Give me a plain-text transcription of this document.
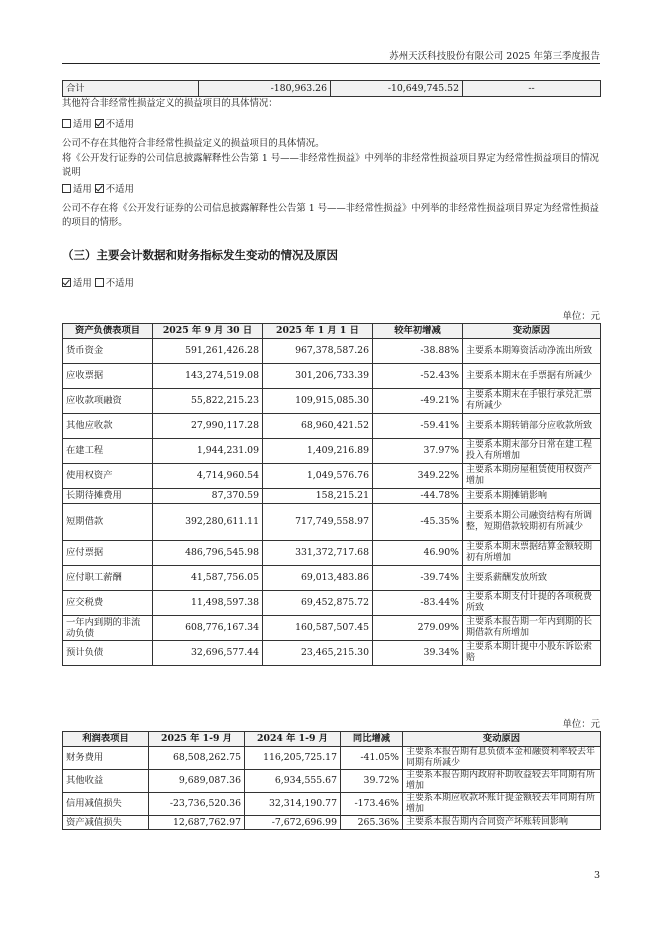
苏州天沃科技股份有限公司 2025 年第三季度报告
合计	-180,963.26	-10,649,745.52	--
其他符合非经常性损益定义的损益项目的具体情况：
适用 不适用
公司不存在其他符合非经常性损益定义的损益项目的具体情况。
将《公开发行证券的公司信息披露解释性公告第 1 号——非经常性损益》中列举的非经常性损益项目界定为经常性损益项目的情况说明
适用 不适用
公司不存在将《公开发行证券的公司信息披露解释性公告第 1 号——非经常性损益》中列举的非经常性损益项目界定为经常性损益的项目的情形。
（三）主要会计数据和财务指标发生变动的情况及原因
适用 不适用
单位：元
资产负债表项目	2025 年 9 月 30 日	2025 年 1 月 1 日	较年初增减	变动原因
货币资金	591,261,426.28	967,378,587.26	-38.88%	主要系本期筹资活动净流出所致
应收票据	143,274,519.08	301,206,733.39	-52.43%	主要系本期末在手票据有所减少
应收款项融资	55,822,215.23	109,915,085.30	-49.21%	主要系本期末在手银行承兑汇票有所减少
其他应收款	27,990,117.28	68,960,421.52	-59.41%	主要系本期转销部分应收款所致
在建工程	1,944,231.09	1,409,216.89	37.97%	主要系本期末部分日常在建工程投入有所增加
使用权资产	4,714,960.54	1,049,576.76	349.22%	主要系本期房屋租赁使用权资产增加
长期待摊费用	87,370.59	158,215.21	-44.78%	主要系本期摊销影响
短期借款	392,280,611.11	717,749,558.97	-45.35%	主要系本期公司融资结构有所调整，短期借款较期初有所减少
应付票据	486,796,545.98	331,372,717.68	46.90%	主要系本期末票据结算金额较期初有所增加
应付职工薪酬	41,587,756.05	69,013,483.86	-39.74%	主要系薪酬发放所致
应交税费	11,498,597.38	69,452,875.72	-83.44%	主要系本期支付计提的各项税费所致
一年内到期的非流动负债	608,776,167.34	160,587,507.45	279.09%	主要系本报告期一年内到期的长期借款有所增加
预计负债	32,696,577.44	23,465,215.30	39.34%	主要系本期计提中小股东诉讼索赔
单位：元
利润表项目	2025 年 1-9 月	2024 年 1-9 月	同比增减	变动原因
财务费用	68,508,262.75	116,205,725.17	-41.05%	主要系本报告期有息负债本金和融资利率较去年同期有所减少
其他收益	9,689,087.36	6,934,555.67	39.72%	主要系本报告期内政府补助收益较去年同期有所增加
信用减值损失	-23,736,520.36	32,314,190.77	-173.46%	主要系本期应收款坏账计提金额较去年同期有所增加
资产减值损失	12,687,762.97	-7,672,696.99	265.36%	主要系本报告期内合同资产坏账转回影响
3
